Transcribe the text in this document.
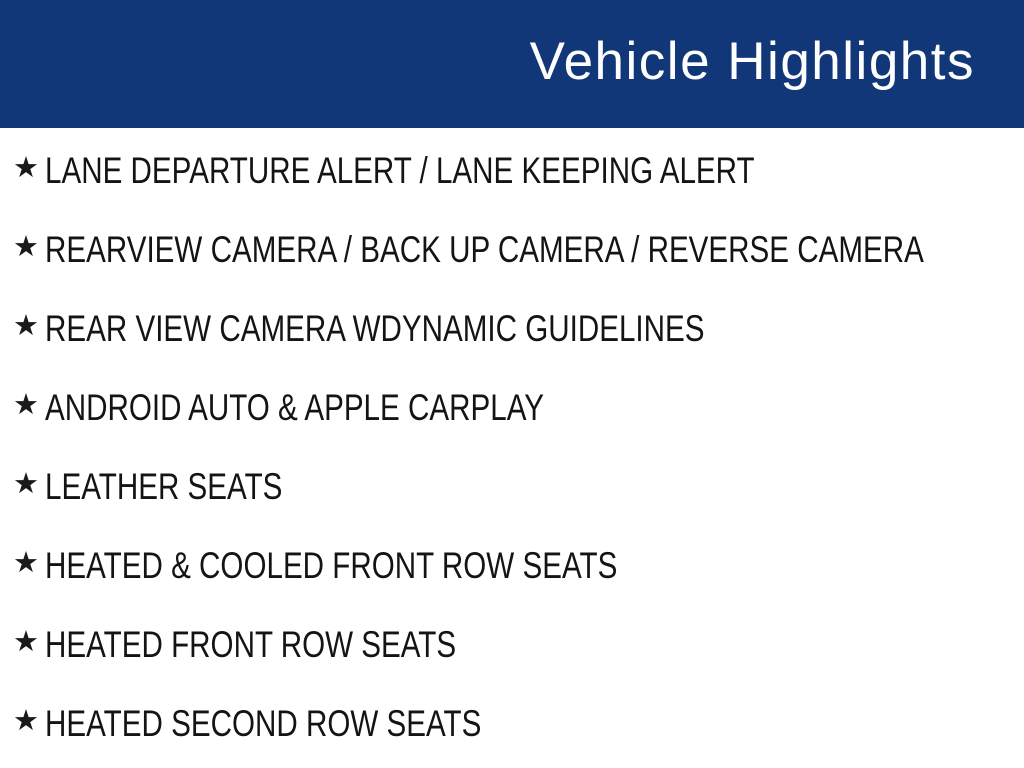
Vehicle Highlights
★ LANE DEPARTURE ALERT / LANE KEEPING ALERT
★ REARVIEW CAMERA / BACK UP CAMERA / REVERSE CAMERA
★ REAR VIEW CAMERA WDYNAMIC GUIDELINES
★ ANDROID AUTO & APPLE CARPLAY
★ LEATHER SEATS
★ HEATED & COOLED FRONT ROW SEATS
★ HEATED FRONT ROW SEATS
★ HEATED SECOND ROW SEATS
